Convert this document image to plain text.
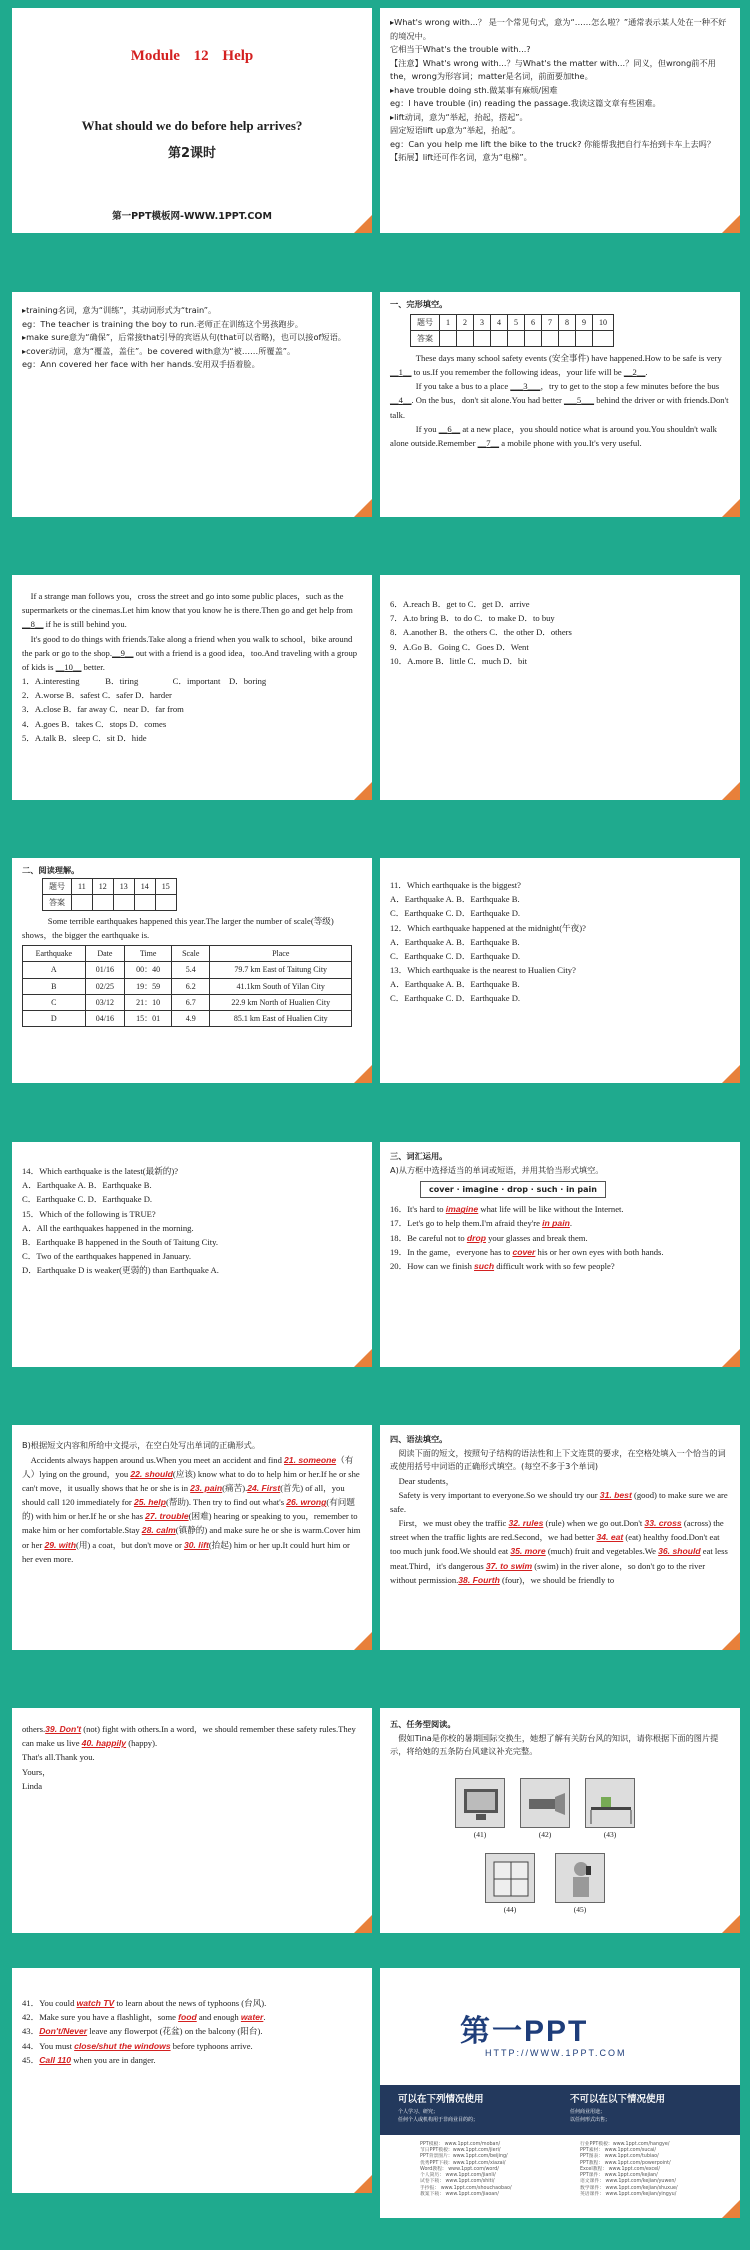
Module 12 Help
What should we do before help arrives?
第2课时
第一PPT模板网-WWW.1PPT.COM

▸What's wrong with...？ 是一个常见句式，意为“……怎么啦？”通常表示某人处在一种不好的境况中。

它相当于What's the trouble with...?

【注意】What's wrong with...？与What's the matter with...？同义，但wrong前不用the，wrong为形容词；matter是名词，前面要加the。

▸have trouble doing sth.做某事有麻烦/困难

eg：I have trouble (in) reading the passage.我读这篇文章有些困难。

▸lift动词，意为“举起，抬起，搭起”。

固定短语lift up意为“举起，抬起”。

eg：Can you help me lift the bike to the truck? 你能帮我把自行车抬到卡车上去吗？

【拓展】lift还可作名词，意为“电梯”。

▸training名词，意为“训练”，其动词形式为“train”。

eg：The teacher is training the boy to run.老师正在训练这个男孩跑步。

▸make sure意为“确保”，后常接that引导的宾语从句(that可以省略)，也可以接of短语。

▸cover动词，意为“覆盖，盖住”。be covered with意为“被……所覆盖”。

eg：Ann covered her face with her hands.安用双手捂着脸。

一、完形填空。

题号	1	2	3	4	5	6	7	8	9	10
答案										

These days many school safety events (安全事件) have happened.How to be safe is very __1__ to us.If you remember the following ideas，your life will be __2__.

If you take a bus to a place ___3___，try to get to the stop a few minutes before the bus __4__. On the bus，don't sit alone.You had better ___5___ behind the driver or with friends.Don't talk.

If you __6__ at a new place，you should notice what is around you.You shouldn't walk alone outside.Remember __7__ a mobile phone with you.It's very useful.

If a strange man follows you，cross the street and go into some public places，such as the supermarkets or the cinemas.Let him know that you know he is there.Then go and get help from __8__ if he is still behind you.

It's good to do things with friends.Take along a friend when you walk to school，bike around the park or go to the shop.__9__ out with a friend is a good idea，too.And traveling with a group of kids is __10__ better.

1．A.interesting　　　B．tiring　　　　C．important　D．boring

2．A.worse B．safest C．safer D．harder

3．A.close B．far away C．near D．far from

4．A.goes B．takes C．stops D．comes

5．A.talk B．sleep C．sit D．hide

6．A.reach B．get to C．get D．arrive

7．A.to bring B．to do C．to make D．to buy

8．A.another B．the others C．the other D．others

9．A.Go B．Going C．Goes D．Went

10．A.more B．little C．much D．bit

二、阅读理解。

题号	11	12	13	14	15
答案					

Some terrible earthquakes happened this year.The larger the number of scale(等级) shows，the bigger the earthquake is.

Earthquake	Date	Time	Scale	Place
A	01/16	00：40	5.4	79.7 km East of Taitung City
B	02/25	19：59	6.2	41.1km South of Yilan City
C	03/12	21：10	6.7	22.9 km North of Hualien City
D	04/16	15：01	4.9	85.1 km East of Hualien City

11．Which earthquake is the biggest?

A．Earthquake A. B．Earthquake B.

C．Earthquake C. D．Earthquake D.

12．Which earthquake happened at the midnight(午夜)?

A．Earthquake A. B．Earthquake B.

C．Earthquake C. D．Earthquake D.

13．Which earthquake is the nearest to Hualien City?

A．Earthquake A. B．Earthquake B.

C．Earthquake C. D．Earthquake D.

14．Which earthquake is the latest(最新的)?

A．Earthquake A. B．Earthquake B.

C．Earthquake C. D．Earthquake D.

15．Which of the following is TRUE?

A．All the earthquakes happened in the morning.

B．Earthquake B happened in the South of Taitung City.

C．Two of the earthquakes happened in January.

D．Earthquake D is weaker(更弱的) than Earthquake A.

三、词汇运用。

A)从方框中选择适当的单词或短语，并用其恰当形式填空。

cover · imagine · drop · such · in pain

16．It's hard to imagine what life will be like without the Internet.

17．Let's go to help them.I'm afraid they're in pain.

18．Be careful not to drop your glasses and break them.

19．In the game，everyone has to cover his or her own eyes with both hands.

20．How can we finish such difficult work with so few people?

B)根据短文内容和所给中文提示，在空白处写出单词的正确形式。

Accidents always happen around us.When you meet an accident and find 21. someone（有人）lying on the ground，you 22. should(应该) know what to do to help him or her.If he or she can't move，it usually shows that he or she is in 23. pain(痛苦).24. First(首先) of all，you should call 120 immediately for 25. help(帮助). Then try to find out what's 26. wrong(有问题的) with him or her.If he or she has 27. trouble(困难) hearing or speaking to you，remember to make him or her comfortable.Stay 28. calm(镇静的) and make sure he or she is warm.Cover him or her 29. with(用) a coat，but don't move or 30. lift(抬起) him or her up.It could hurt him or her even more.

四、语法填空。

阅读下面的短文，按照句子结构的语法性和上下文连贯的要求，在空格处填入一个恰当的词或使用括号中词语的正确形式填空。(每空不多于3个单词)

Dear students，

Safety is very important to everyone.So we should try our 31. best (good) to make sure we are safe.

First，we must obey the traffic 32. rules (rule) when we go out.Don't 33. cross (across) the street when the traffic lights are red.Second，we had better 34. eat (eat) healthy food.Don't eat too much junk food.We should eat 35. more (much) fruit and vegetables.We 36. should eat less meat.Third，it's dangerous 37. to swim (swim) in the river alone，so don't go to the river without permission.38. Fourth (four)，we should be friendly to

others.39. Don't (not) fight with others.In a word，we should remember these safety rules.They can make us live 40. happily (happy).

That's all.Thank you.

Yours，

Linda

五、任务型阅读。

假如Tina是你校的暑期国际交换生，她想了解有关防台风的知识，请你根据下面的图片提示，将给她的五条防台风建议补充完整。

(41)	(42)	(43)
(44)	(45)

41．You could watch TV to learn about the news of typhoons (台风).

42．Make sure you have a flashlight，some food and enough water.

43．Don't/Never leave any flowerpot (花盆) on the balcony (阳台).

44．You must close/shut the windows before typhoons arrive.

45．Call 110 when you are in danger.

第一PPT
HTTP://WWW.1PPT.COM
可以在下列情况使用	不可以在以下情况使用
个人学习、研究；
任何个人或机构用于非商业目的的；
任何商业用途；
以任何形式出售；
PPT模板： www.1ppt.com/moban/
节日PPT模板：www.1ppt.com/jieri/
PPT背景图片：www.1ppt.com/beijing/
优秀PPT下载：www.1ppt.com/xiazai/
Word教程： www.1ppt.com/word/
个人简历： www.1ppt.com/jianli/
试卷下载： www.1ppt.com/shiti/
手抄报： www.1ppt.com/shouchaobao/
教案下载： www.1ppt.com/jiaoan/
行业PPT模板：www.1ppt.com/hangye/
PPT素材： www.1ppt.com/sucai/
PPT图表： www.1ppt.com/tubiao/
PPT教程： www.1ppt.com/powerpoint/
Excel教程： www.1ppt.com/excel/
PPT课件： www.1ppt.com/kejian/
语文课件： www.1ppt.com/kejian/yuwen/
数学课件： www.1ppt.com/kejian/shuxue/
英语课件： www.1ppt.com/kejian/yingyu/
